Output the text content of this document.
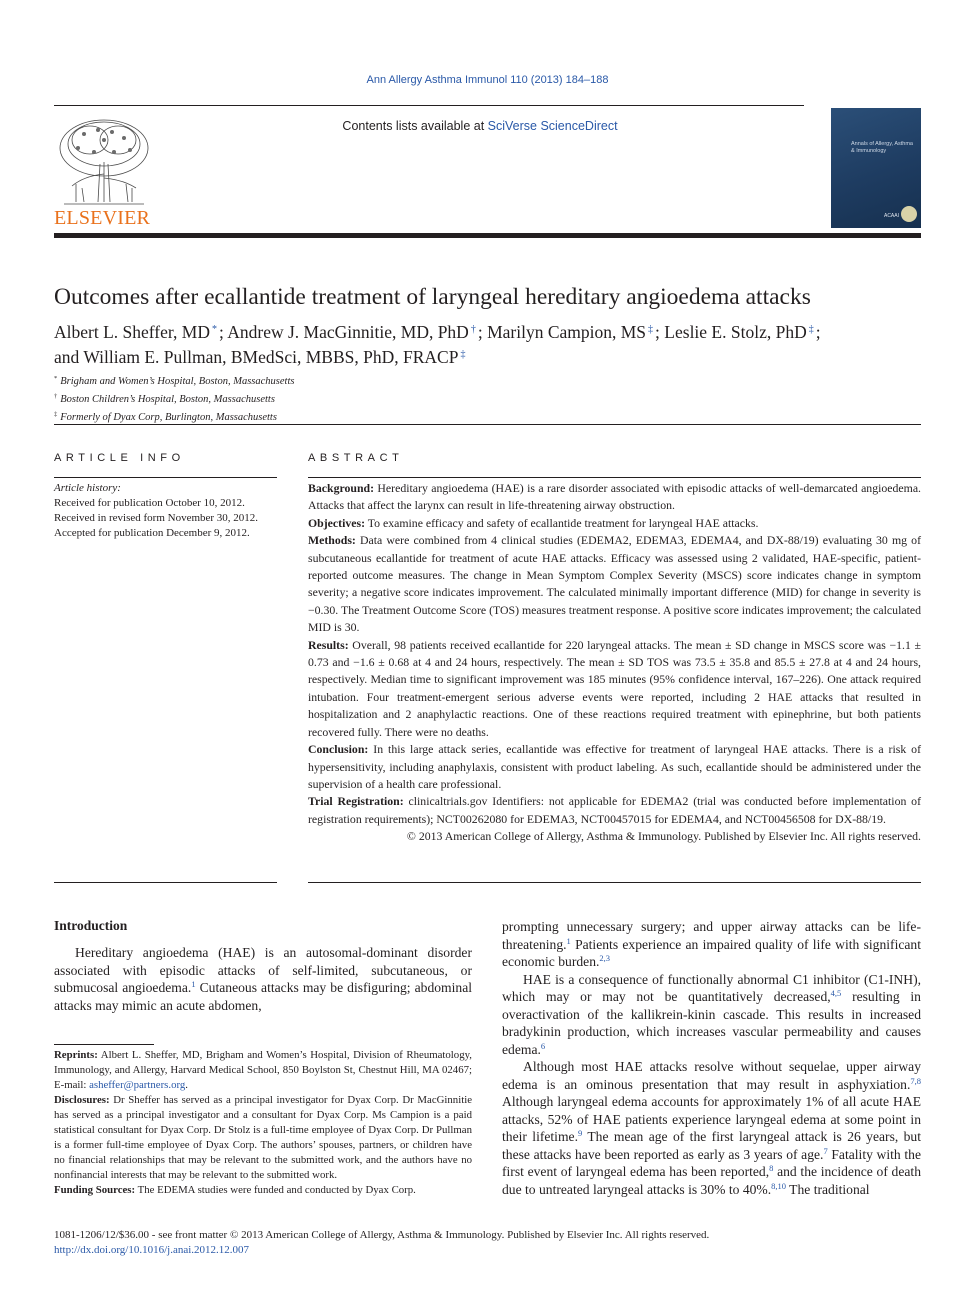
Ann Allergy Asthma Immunol 110 (2013) 184–188
Contents lists available at SciVerse ScienceDirect
ELSEVIER
Annals of Allergy, Asthma & Immunology
ACAAI
Outcomes after ecallantide treatment of laryngeal hereditary angioedema attacks
Albert L. Sheffer, MD * ; Andrew J. MacGinnitie, MD, PhD † ; Marilyn Campion, MS ‡ ; Leslie E. Stolz, PhD ‡ ;
and William E. Pullman, BMedSci, MBBS, PhD, FRACP ‡
* Brigham and Women’s Hospital, Boston, Massachusetts
† Boston Children’s Hospital, Boston, Massachusetts
‡ Formerly of Dyax Corp, Burlington, Massachusetts
ARTICLE INFO	ABSTRACT
Article history:
Received for publication October 10, 2012.
Received in revised form November 30, 2012.
Accepted for publication December 9, 2012.
Background: Hereditary angioedema (HAE) is a rare disorder associated with episodic attacks of well-demarcated angioedema. Attacks that affect the larynx can result in life-threatening airway obstruction.
Objectives: To examine efficacy and safety of ecallantide treatment for laryngeal HAE attacks.
Methods: Data were combined from 4 clinical studies (EDEMA2, EDEMA3, EDEMA4, and DX-88/19) evaluating 30 mg of subcutaneous ecallantide for treatment of acute HAE attacks. Efficacy was assessed using 2 validated, HAE-specific, patient-reported outcome measures. The change in Mean Symptom Complex Severity (MSCS) score indicates change in symptom severity; a negative score indicates improvement. The calculated minimally important difference (MID) for change in severity is −0.30. The Treatment Outcome Score (TOS) measures treatment response. A positive score indicates improvement; the calculated MID is 30.
Results: Overall, 98 patients received ecallantide for 220 laryngeal attacks. The mean ± SD change in MSCS score was −1.1 ± 0.73 and −1.6 ± 0.68 at 4 and 24 hours, respectively. The mean ± SD TOS was 73.5 ± 35.8 and 85.5 ± 27.8 at 4 and 24 hours, respectively. Median time to significant improvement was 185 minutes (95% confidence interval, 167–226). One attack required intubation. Four treatment-emergent serious adverse events were reported, including 2 HAE attacks that resulted in hospitalization and 2 anaphylactic reactions. One of these reactions required treatment with epinephrine, but both patients recovered fully. There were no deaths.
Conclusion: In this large attack series, ecallantide was effective for treatment of laryngeal HAE attacks. There is a risk of hypersensitivity, including anaphylaxis, consistent with product labeling. As such, ecallantide should be administered under the supervision of a health care professional.
Trial Registration: clinicaltrials.gov Identifiers: not applicable for EDEMA2 (trial was conducted before implementation of registration requirements); NCT00262080 for EDEMA3, NCT00457015 for EDEMA4, and NCT00456508 for DX-88/19.
© 2013 American College of Allergy, Asthma & Immunology. Published by Elsevier Inc. All rights reserved.
Introduction

Hereditary angioedema (HAE) is an autosomal-dominant disorder associated with episodic attacks of self-limited, subcutaneous, or submucosal angioedema.$^1$ Cutaneous attacks may be disfiguring; abdominal attacks may mimic an acute abdomen,

prompting unnecessary surgery; and upper airway attacks can be life-threatening.$^1$ Patients experience an impaired quality of life with significant economic burden.$^{2,3}$

HAE is a consequence of functionally abnormal C1 inhibitor (C1-INH), which may or may not be quantitatively decreased,$^{4,5}$ resulting in overactivation of the kallikrein-kinin cascade. This results in increased bradykinin production, which increases vascular permeability and causes edema.$^6$

Although most HAE attacks resolve without sequelae, upper airway edema is an ominous presentation that may result in asphyxiation.$^{7,8}$ Although laryngeal edema accounts for approximately 1% of all acute HAE attacks, 52% of HAE patients experience laryngeal edema at some point in their lifetime.$^9$ The mean age of the first laryngeal attack is 26 years, but these attacks have been reported as early as 3 years of age.$^7$ Fatality with the first event of laryngeal edema has been reported,$^8$ and the incidence of death due to untreated laryngeal attacks is 30% to 40%.$^{8,10}$ The traditional

Reprints: Albert L. Sheffer, MD, Brigham and Women’s Hospital, Division of Rheumatology, Immunology, and Allergy, Harvard Medical School, 850 Boylston St, Chestnut Hill, MA 02467; E-mail: asheffer@partners.org.

Disclosures: Dr Sheffer has served as a principal investigator for Dyax Corp. Dr MacGinnitie has served as a principal investigator and a consultant for Dyax Corp. Ms Campion is a paid statistical consultant for Dyax Corp. Dr Stolz is a full-time employee of Dyax Corp. Dr Pullman is a former full-time employee of Dyax Corp. The authors’ spouses, partners, or children have no financial relationships that may be relevant to the submitted work, and the authors have no nonfinancial interests that may be relevant to the submitted work.

Funding Sources: The EDEMA studies were funded and conducted by Dyax Corp.

1081-1206/12/$36.00 - see front matter © 2013 American College of Allergy, Asthma & Immunology. Published by Elsevier Inc. All rights reserved.
http://dx.doi.org/10.1016/j.anai.2012.12.007
